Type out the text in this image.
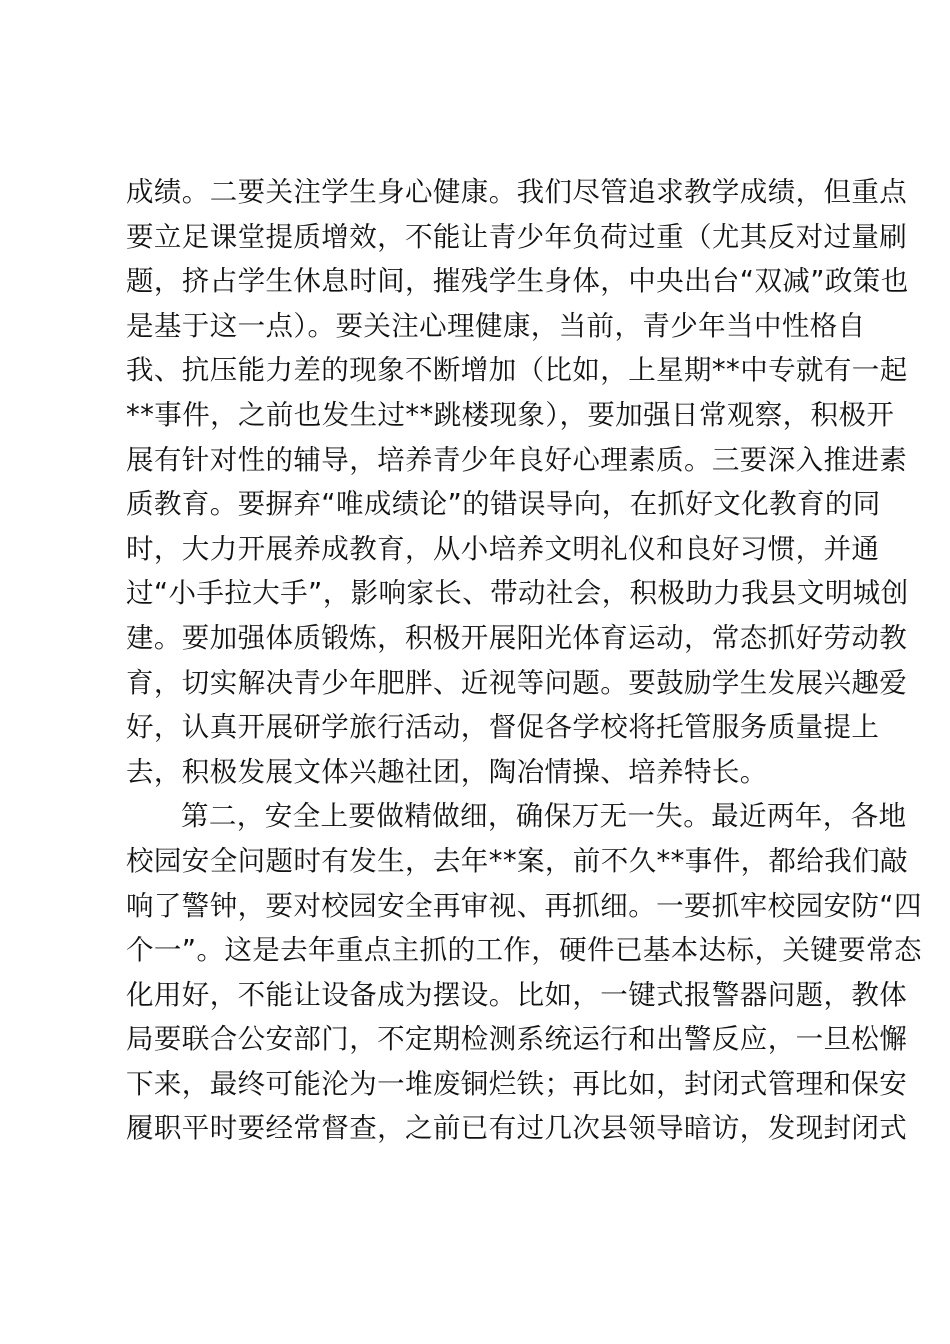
成绩。二要关注学生身心健康。我们尽管追求教学成绩，但重点
要立足课堂提质增效，不能让青少年负荷过重（尤其反对过量刷
题，挤占学生休息时间，摧残学生身体，中央出台“双减”政策也
是基于这一点）。要关注心理健康，当前，青少年当中性格自
我、抗压能力差的现象不断增加（比如，上星期**中专就有一起
**事件，之前也发生过**跳楼现象），要加强日常观察，积极开
展有针对性的辅导，培养青少年良好心理素质。三要深入推进素
质教育。要摒弃“唯成绩论”的错误导向，在抓好文化教育的同
时，大力开展养成教育，从小培养文明礼仪和良好习惯，并通
过“小手拉大手”，影响家长、带动社会，积极助力我县文明城创
建。要加强体质锻炼，积极开展阳光体育运动，常态抓好劳动教
育，切实解决青少年肥胖、近视等问题。要鼓励学生发展兴趣爱
好，认真开展研学旅行活动，督促各学校将托管服务质量提上
去，积极发展文体兴趣社团，陶冶情操、培养特长。
第二，安全上要做精做细，确保万无一失。最近两年，各地
校园安全问题时有发生，去年**案，前不久**事件，都给我们敲
响了警钟，要对校园安全再审视、再抓细。一要抓牢校园安防“四
个一”。这是去年重点主抓的工作，硬件已基本达标，关键要常态
化用好，不能让设备成为摆设。比如，一键式报警器问题，教体
局要联合公安部门，不定期检测系统运行和出警反应，一旦松懈
下来，最终可能沦为一堆废铜烂铁；再比如，封闭式管理和保安
履职平时要经常督查，之前已有过几次县领导暗访，发现封闭式
